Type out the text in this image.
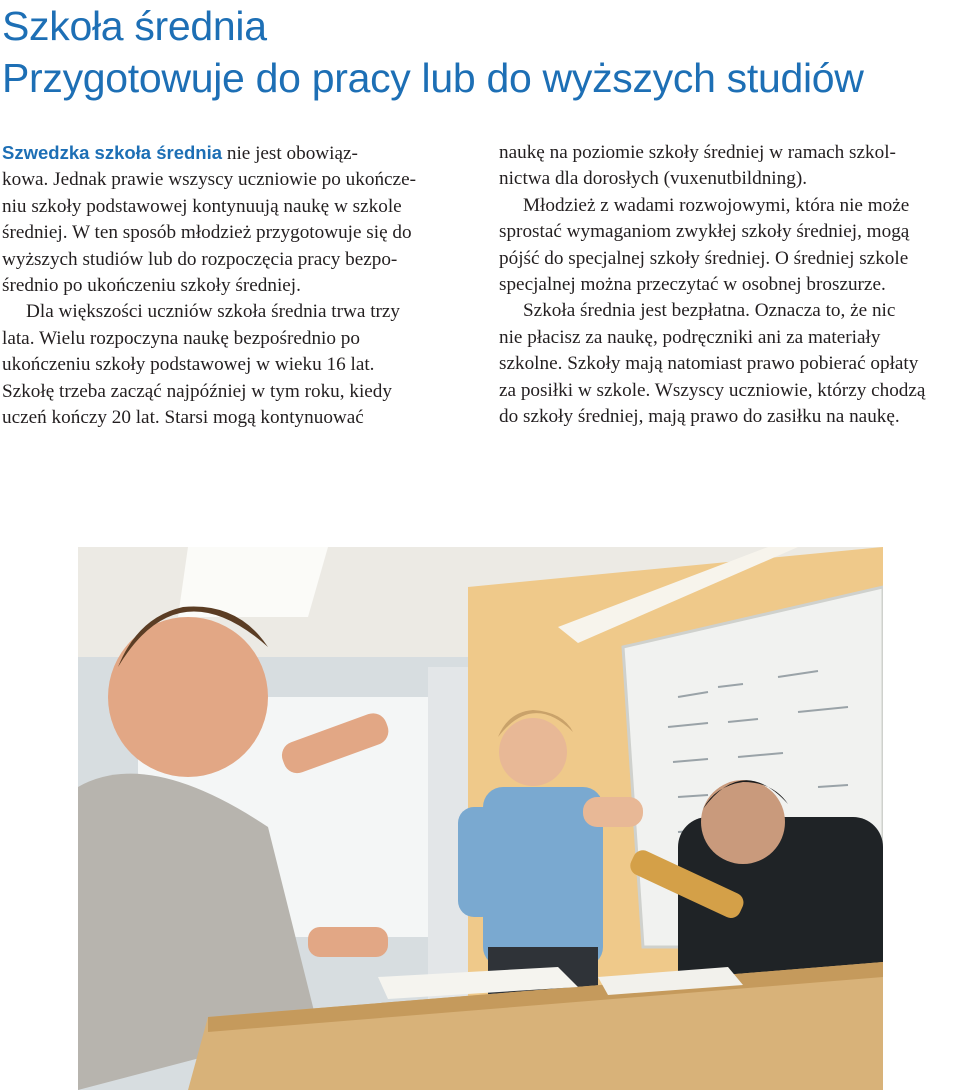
Szkoła średnia
Przygotowuje do pracy lub do wyższych studiów

Szwedzka szkoła średnia nie jest obowiąz-
kowa. Jednak prawie wszyscy uczniowie po ukończe-
niu szkoły podstawowej kontynuują naukę w szkole
średniej. W ten sposób młodzież przygotowuje się do
wyższych studiów lub do rozpoczęcia pracy bezpo-
średnio po ukończeniu szkoły średniej.

Dla większości uczniów szkoła średnia trwa trzy
lata. Wielu rozpoczyna naukę bezpośrednio po
ukończeniu szkoły podstawowej w wieku 16 lat.
Szkołę trzeba zacząć najpóźniej w tym roku, kiedy
uczeń kończy 20 lat. Starsi mogą kontynuować

naukę na poziomie szkoły średniej w ramach szkol-
nictwa dla dorosłych (vuxenutbildning).

Młodzież z wadami rozwojowymi, która nie może
sprostać wymaganiom zwykłej szkoły średniej, mogą
pójść do specjalnej szkoły średniej. O średniej szkole
specjalnej można przeczytać w osobnej broszurze.

Szkoła średnia jest bezpłatna. Oznacza to, że nic
nie płacisz za naukę, podręczniki ani za materiały
szkolne. Szkoły mają natomiast prawo pobierać opłaty
za posiłki w szkole. Wszyscy uczniowie, którzy chodzą
do szkoły średniej, mają prawo do zasiłku na naukę.
